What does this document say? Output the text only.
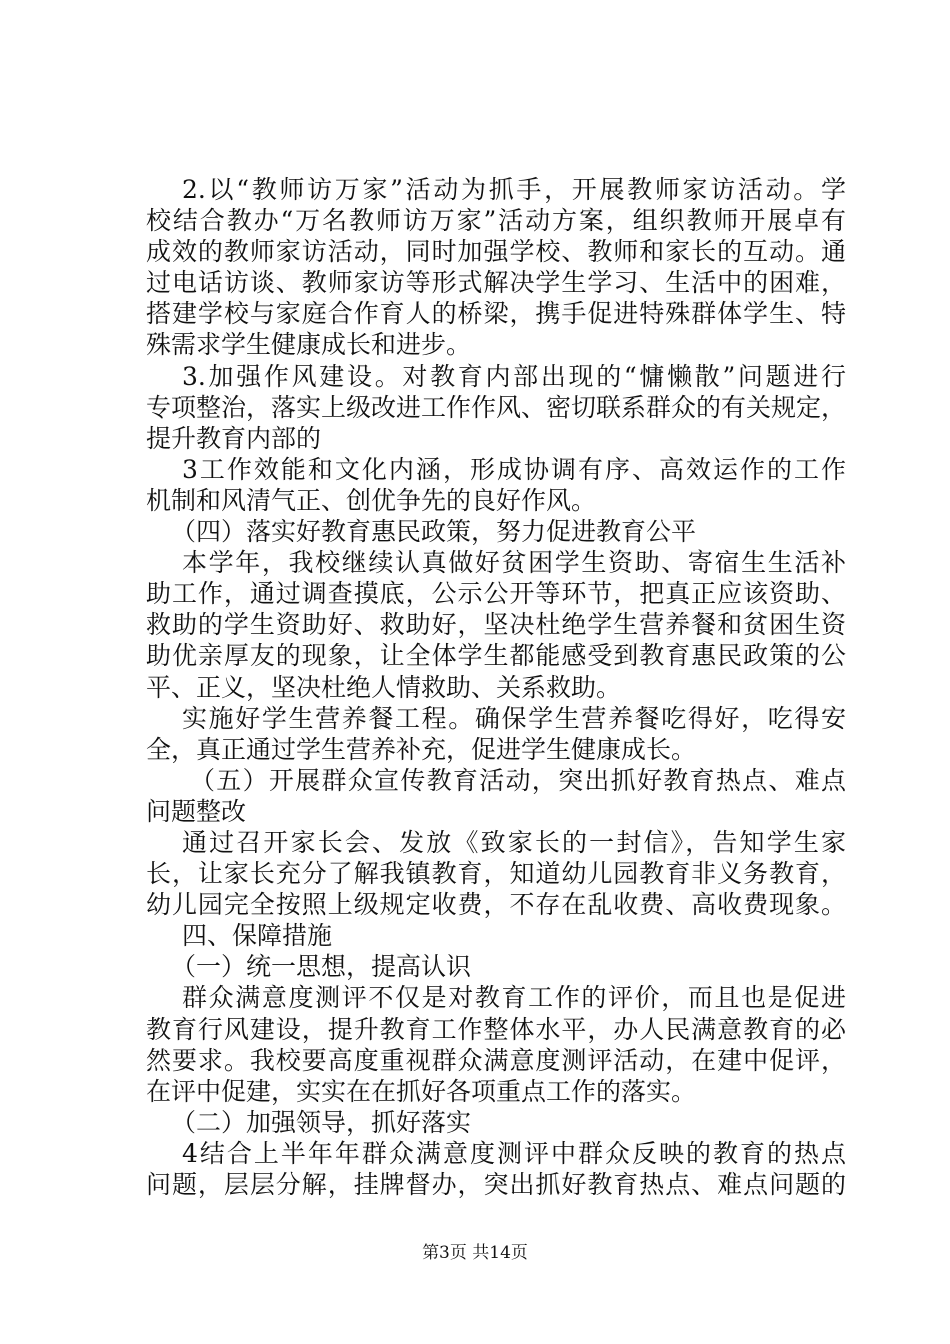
2.以“教师访万家”活动为抓手，开展教师家访活动。学
校结合教办“万名教师访万家”活动方案，组织教师开展卓有
成效的教师家访活动，同时加强学校、教师和家长的互动。通
过电话访谈、教师家访等形式解决学生学习、生活中的困难，
搭建学校与家庭合作育人的桥梁，携手促进特殊群体学生、特
殊需求学生健康成长和进步。
3.加强作风建设。对教育内部出现的“慵懒散”问题进行
专项整治，落实上级改进工作作风、密切联系群众的有关规定，
提升教育内部的
3工作效能和文化内涵，形成协调有序、高效运作的工作
机制和风清气正、创优争先的良好作风。
（四）落实好教育惠民政策，努力促进教育公平
本学年，我校继续认真做好贫困学生资助、寄宿生生活补
助工作，通过调查摸底，公示公开等环节，把真正应该资助、
救助的学生资助好、救助好，坚决杜绝学生营养餐和贫困生资
助优亲厚友的现象，让全体学生都能感受到教育惠民政策的公
平、正义，坚决杜绝人情救助、关系救助。
实施好学生营养餐工程。确保学生营养餐吃得好，吃得安
全，真正通过学生营养补充，促进学生健康成长。
（五）开展群众宣传教育活动，突出抓好教育热点、难点
问题整改
通过召开家长会、发放《致家长的一封信》，告知学生家
长，让家长充分了解我镇教育，知道幼儿园教育非义务教育，
幼儿园完全按照上级规定收费，不存在乱收费、高收费现象。
四、保障措施
（一）统一思想，提高认识
群众满意度测评不仅是对教育工作的评价，而且也是促进
教育行风建设，提升教育工作整体水平，办人民满意教育的必
然要求。我校要高度重视群众满意度测评活动，在建中促评，
在评中促建，实实在在抓好各项重点工作的落实。
（二）加强领导，抓好落实
4结合上半年年群众满意度测评中群众反映的教育的热点
问题，层层分解，挂牌督办，突出抓好教育热点、难点问题的
第3页 共14页
